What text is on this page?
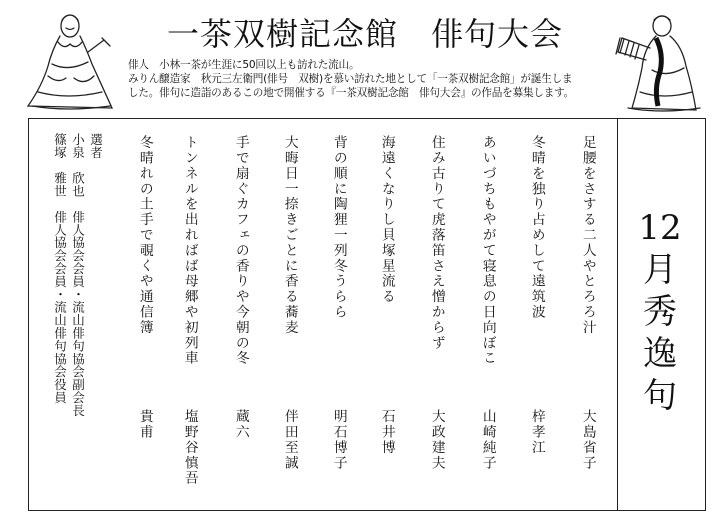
一茶双樹記念館　俳句大会
俳人　小林一茶が生涯に50回以上も訪れた流山。
みりん醸造家　秋元三左衛門(俳号　双樹)を慕い訪れた地として「一茶双樹記念館」が誕生しま
した。俳句に造詣のあるこの地で開催する『一茶双樹記念館　俳句大会』の作品を募集します。
選者
小泉　欣也　俳人協会会員・流山俳句協会副会長
篠塚　雅世　俳人協会会員・流山俳句協会役員	冬晴れの土手で覗くや通信簿
貴甫
トンネルを出ればば母郷や初列車
塩野谷慎吾
手で扇ぐカフェの香りや今朝の冬
蔵六
大晦日一捺きごとに香る蕎麦
伴田至誠
背の順に陶狸一列冬うらら
明石博子
海遠くなりし貝塚星流る
石井博
住み古りて虎落笛さえ憎からず
大政建夫
あいづちもやがて寝息の日向ぼこ
山崎純子
冬晴を独り占めして遠筑波
梓孝江
足腰をさする二人やとろろ汁
大島省子
12
月
秀
逸
句
